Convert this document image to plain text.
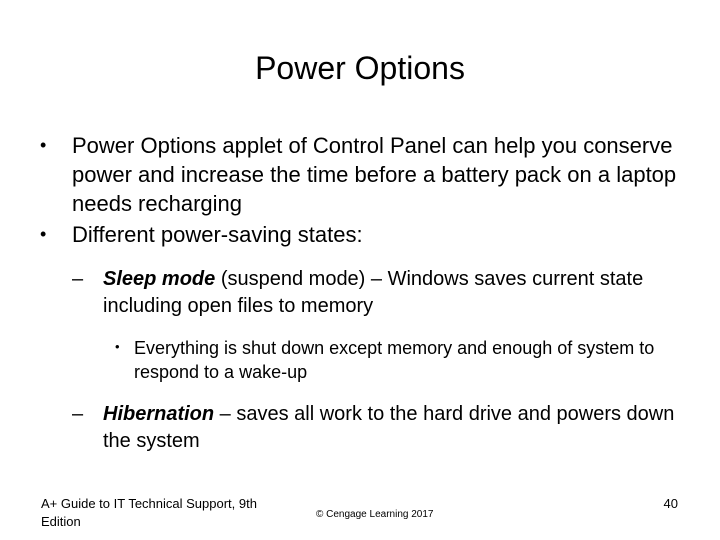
Power Options
• Power Options applet of Control Panel can help you conserve power and increase the time before a battery pack on a laptop needs recharging
• Different power-saving states:
– Sleep mode (suspend mode) – Windows saves current state including open files to memory
• Everything is shut down except memory and enough of system to respond to a wake-up
– Hibernation – saves all work to the hard drive and powers down the system
A+ Guide to IT Technical Support, 9th Edition	© Cengage Learning 2017
40
